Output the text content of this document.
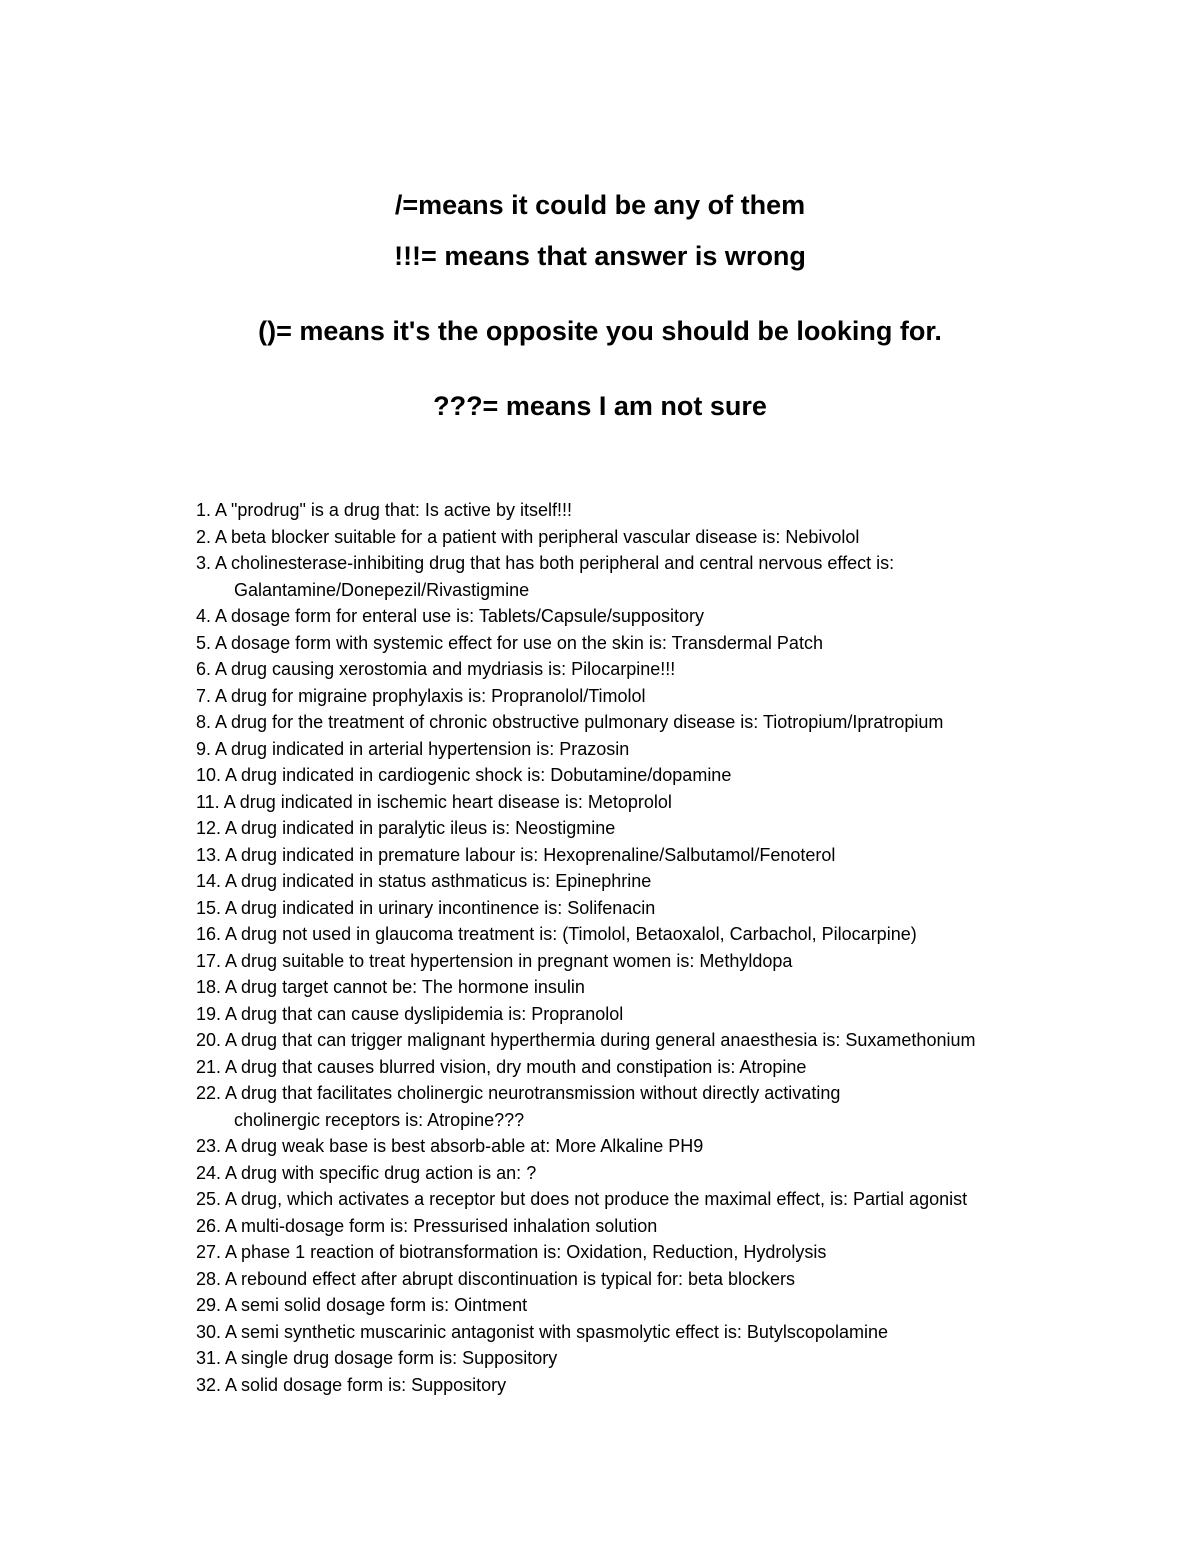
/=means it could be any of them

!!!= means that answer is wrong

()= means it's the opposite you should be looking for.

???= means I am not sure

1. A "prodrug" is a drug that: Is active by itself!!!
2. A beta blocker suitable for a patient with peripheral vascular disease is: Nebivolol
3. A cholinesterase-inhibiting drug that has both peripheral and central nervous effect is:
Galantamine/Donepezil/Rivastigmine
4. A dosage form for enteral use is: Tablets/Capsule/suppository
5. A dosage form with systemic effect for use on the skin is: Transdermal Patch
6. A drug causing xerostomia and mydriasis is: Pilocarpine!!!
7. A drug for migraine prophylaxis is: Propranolol/Timolol
8. A drug for the treatment of chronic obstructive pulmonary disease is: Tiotropium/Ipratropium
9. A drug indicated in arterial hypertension is: Prazosin
10. A drug indicated in cardiogenic shock is: Dobutamine/dopamine
11. A drug indicated in ischemic heart disease is: Metoprolol
12. A drug indicated in paralytic ileus is: Neostigmine
13. A drug indicated in premature labour is: Hexoprenaline/Salbutamol/Fenoterol
14. A drug indicated in status asthmaticus is: Epinephrine
15. A drug indicated in urinary incontinence is: Solifenacin
16. A drug not used in glaucoma treatment is: (Timolol, Betaoxalol, Carbachol, Pilocarpine)
17. A drug suitable to treat hypertension in pregnant women is: Methyldopa
18. A drug target cannot be: The hormone insulin
19. A drug that can cause dyslipidemia is: Propranolol
20. A drug that can trigger malignant hyperthermia during general anaesthesia is: Suxamethonium
21. A drug that causes blurred vision, dry mouth and constipation is: Atropine
22. A drug that facilitates cholinergic neurotransmission without directly activating
cholinergic receptors is: Atropine???
23. A drug weak base is best absorb-able at: More Alkaline PH9
24. A drug with specific drug action is an: ?
25. A drug, which activates a receptor but does not produce the maximal effect, is: Partial agonist
26. A multi-dosage form is: Pressurised inhalation solution
27. A phase 1 reaction of biotransformation is: Oxidation, Reduction, Hydrolysis
28. A rebound effect after abrupt discontinuation is typical for: beta blockers
29. A semi solid dosage form is: Ointment
30. A semi synthetic muscarinic antagonist with spasmolytic effect is: Butylscopolamine
31. A single drug dosage form is: Suppository
32. A solid dosage form is: Suppository
